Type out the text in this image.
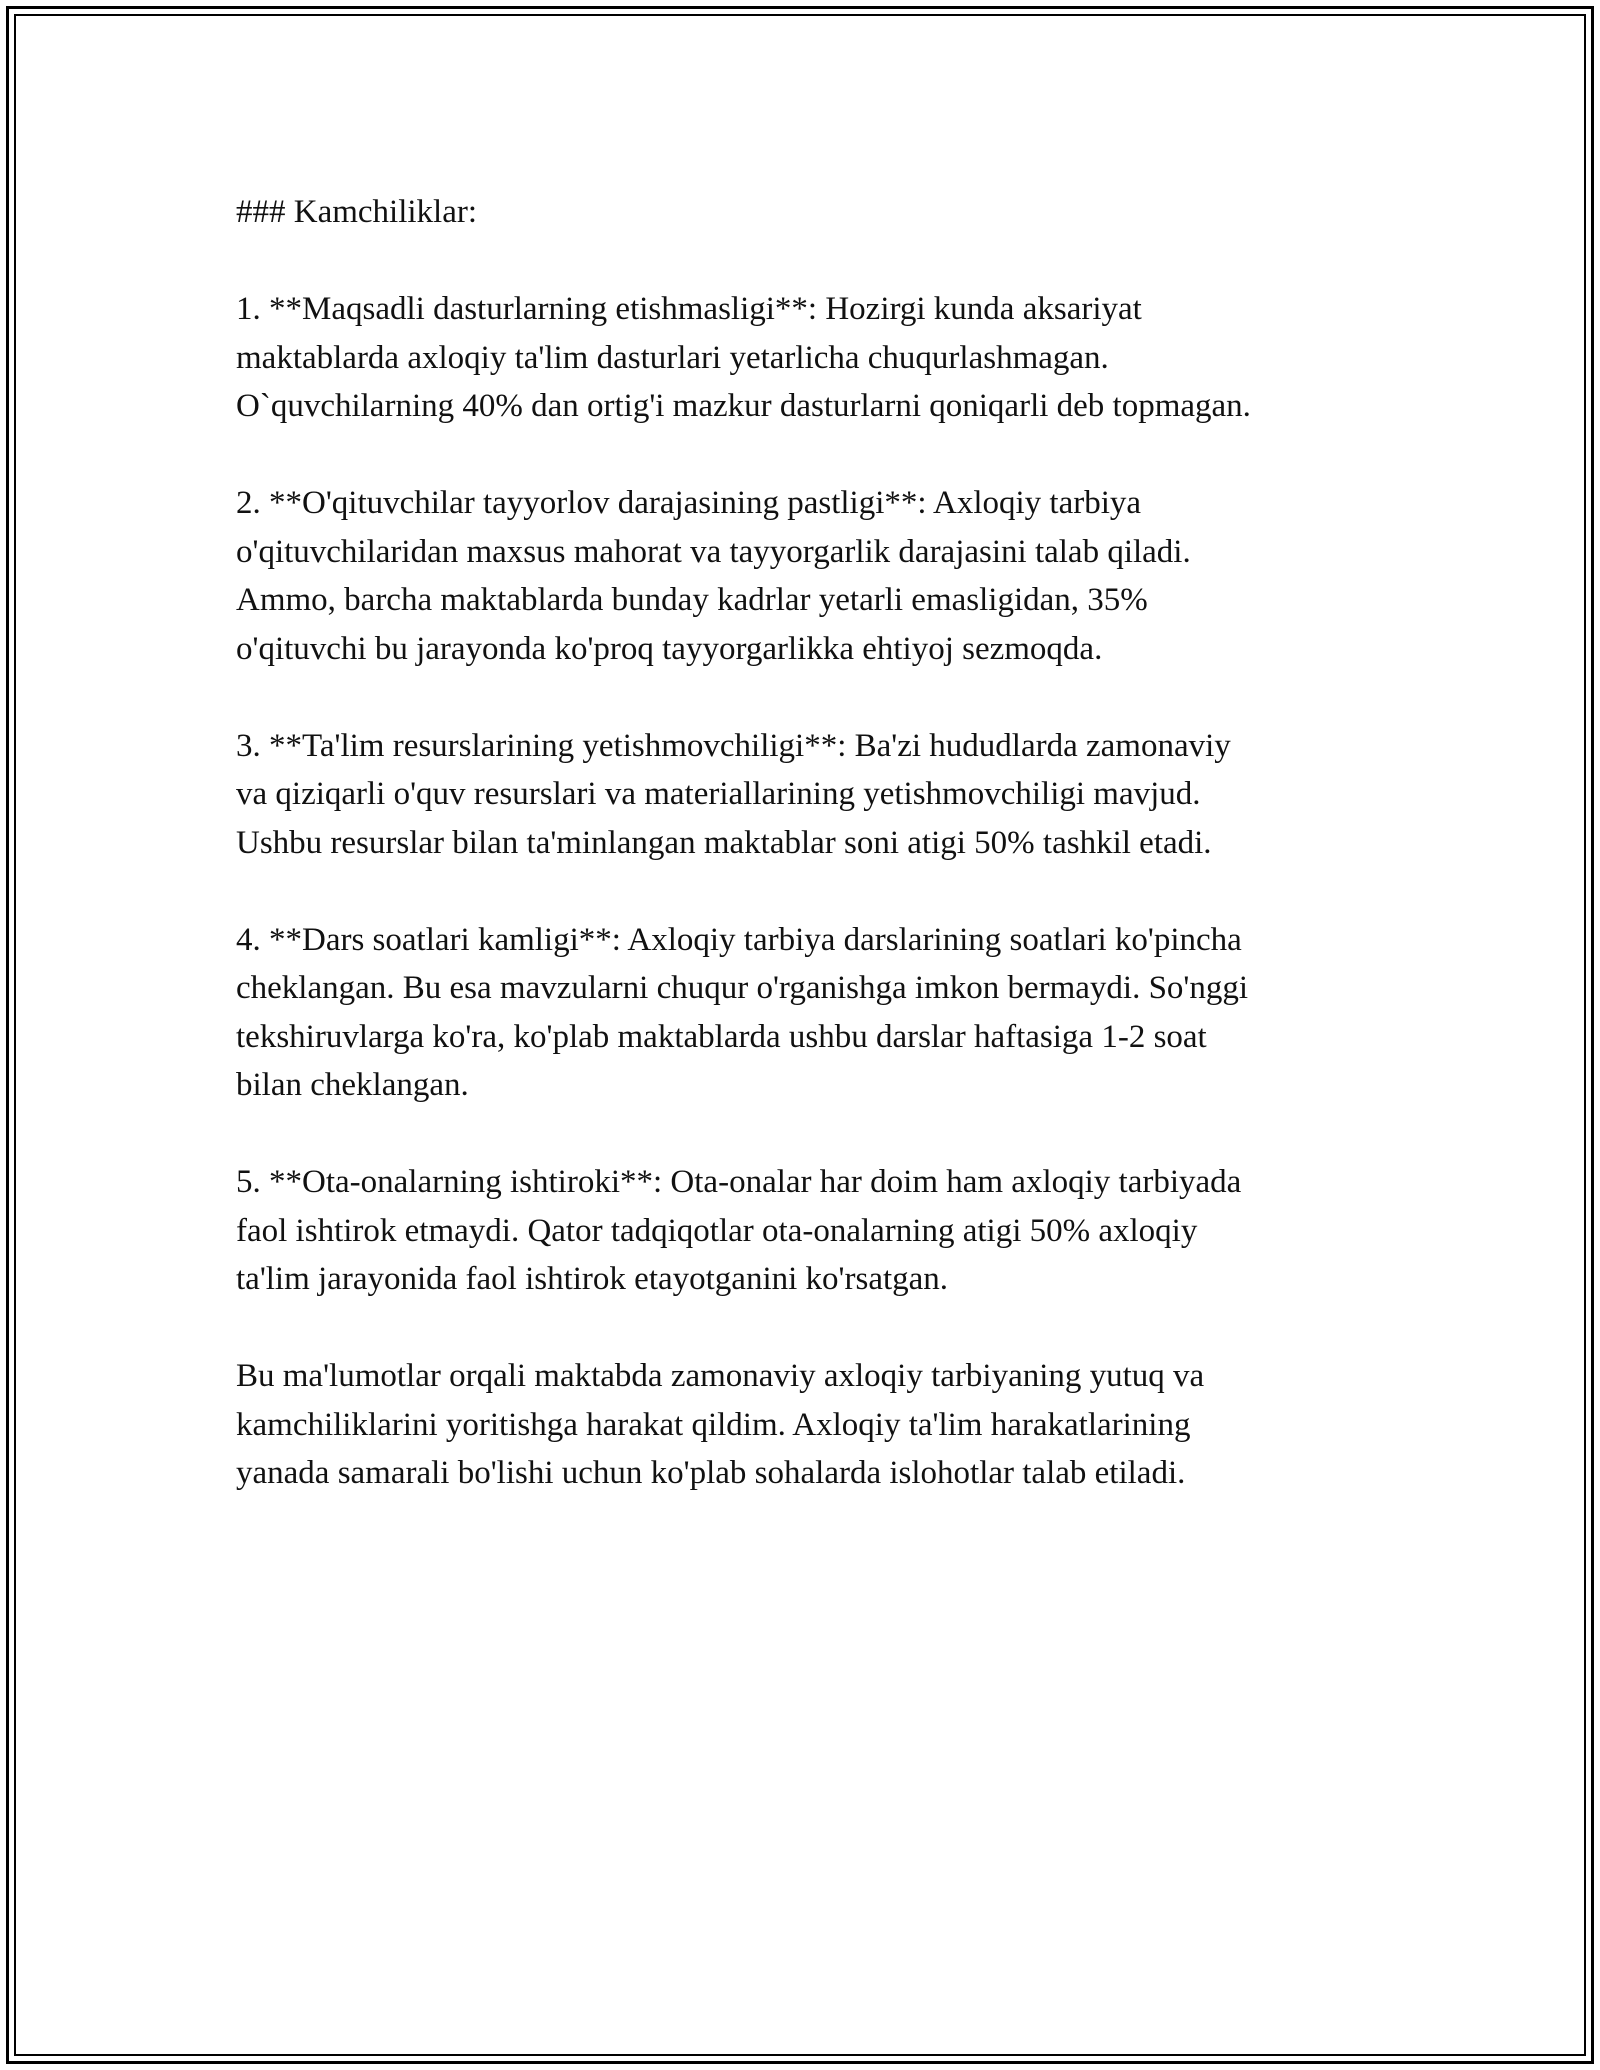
### Kamchiliklar:

1. **Maqsadli dasturlarning etishmasligi**: Hozirgi kunda aksariyat
maktablarda axloqiy ta'lim dasturlari yetarlicha chuqurlashmagan.
O`quvchilarning 40% dan ortig'i mazkur dasturlarni qoniqarli deb topmagan.

2. **O'qituvchilar tayyorlov darajasining pastligi**: Axloqiy tarbiya
o'qituvchilaridan maxsus mahorat va tayyorgarlik darajasini talab qiladi.
Ammo, barcha maktablarda bunday kadrlar yetarli emasligidan, 35%
o'qituvchi bu jarayonda ko'proq tayyorgarlikka ehtiyoj sezmoqda.

3. **Ta'lim resurslarining yetishmovchiligi**: Ba'zi hududlarda zamonaviy
va qiziqarli o'quv resurslari va materiallarining yetishmovchiligi mavjud.
Ushbu resurslar bilan ta'minlangan maktablar soni atigi 50% tashkil etadi.

4. **Dars soatlari kamligi**: Axloqiy tarbiya darslarining soatlari ko'pincha
cheklangan. Bu esa mavzularni chuqur o'rganishga imkon bermaydi. So'nggi
tekshiruvlarga ko'ra, ko'plab maktablarda ushbu darslar haftasiga 1-2 soat
bilan cheklangan.

5. **Ota-onalarning ishtiroki**: Ota-onalar har doim ham axloqiy tarbiyada
faol ishtirok etmaydi. Qator tadqiqotlar ota-onalarning atigi 50% axloqiy
ta'lim jarayonida faol ishtirok etayotganini ko'rsatgan.

Bu ma'lumotlar orqali maktabda zamonaviy axloqiy tarbiyaning yutuq va
kamchiliklarini yoritishga harakat qildim. Axloqiy ta'lim harakatlarining
yanada samarali bo'lishi uchun ko'plab sohalarda islohotlar talab etiladi.
